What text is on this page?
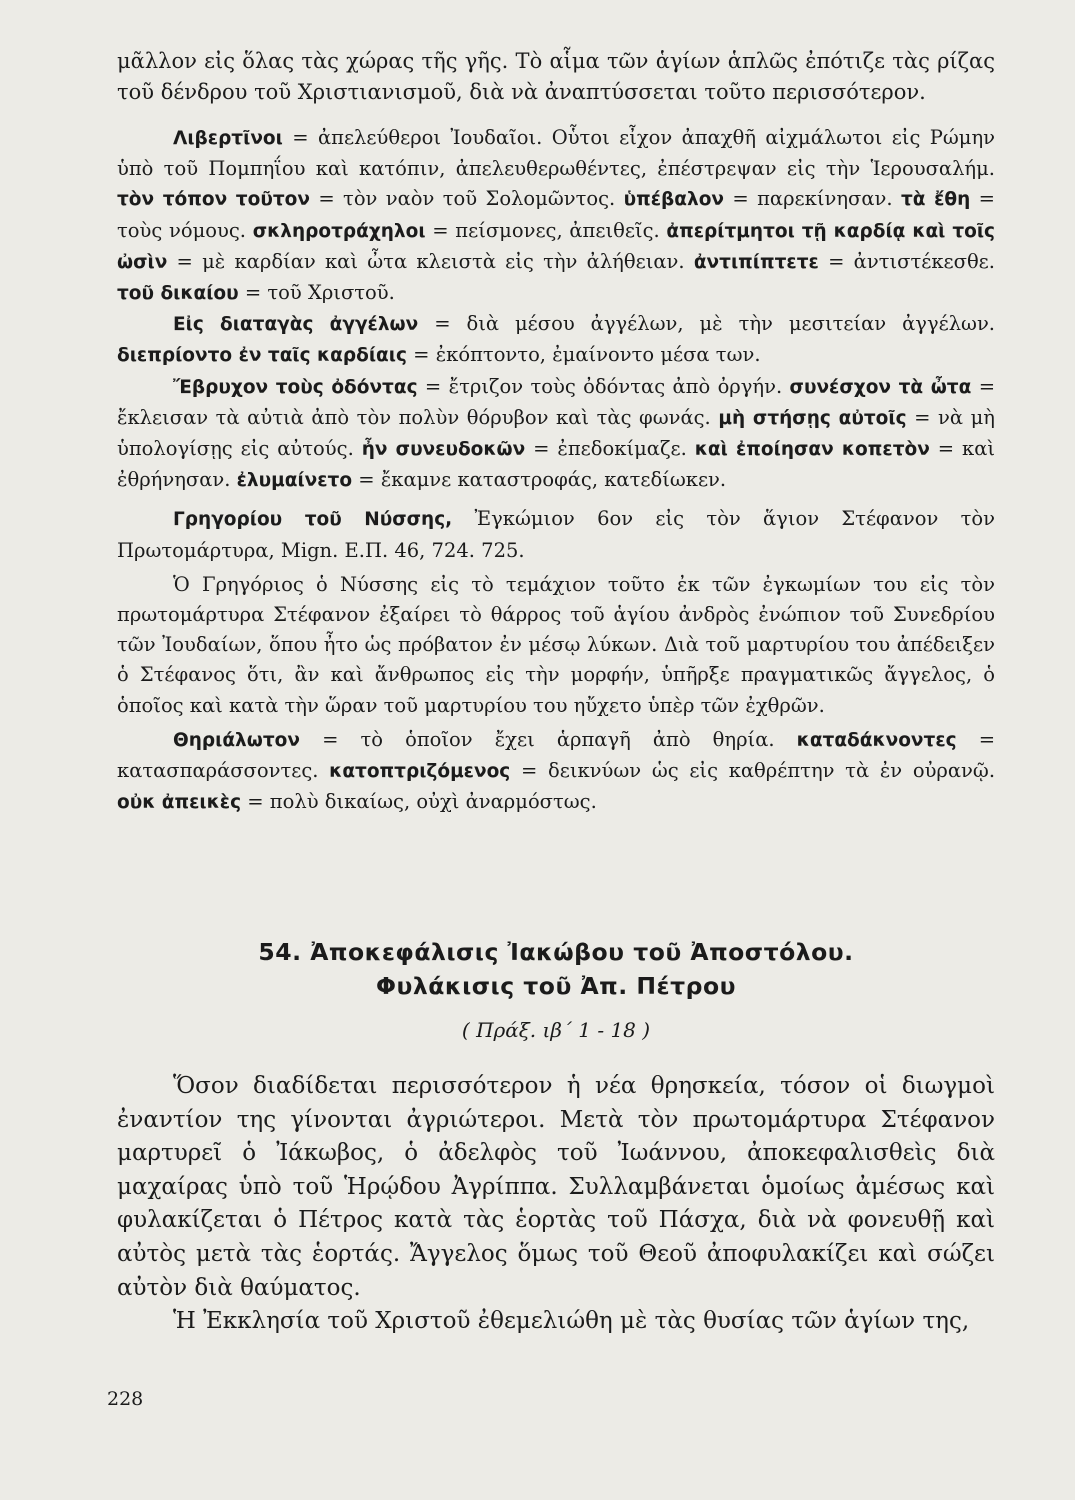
μᾶλλον εἰς ὅλας τὰς χώρας τῆς γῆς. Τὸ αἷμα τῶν ἁγίων ἁπλῶς ἐπότιζε τὰς ρίζας τοῦ δένδρου τοῦ Χριστιανισμοῦ, διὰ νὰ ἀναπτύσσεται τοῦτο περισσότερον.

Λιβερτῖνοι = ἀπελεύθεροι Ἰουδαῖοι. Οὗτοι εἶχον ἀπαχθῆ αἰχμάλωτοι εἰς Ρώμην ὑπὸ τοῦ Πομπηΐου καὶ κατόπιν, ἀπελευθερωθέντες, ἐπέστρεψαν εἰς τὴν Ἱερουσαλήμ. τὸν τόπον τοῦτον = τὸν ναὸν τοῦ Σολομῶντος. ὑπέβαλον = παρεκίνησαν. τὰ ἔθη = τοὺς νόμους. σκληροτράχηλοι = πείσμονες, ἀπειθεῖς. ἀπερίτμητοι τῇ καρδίᾳ καὶ τοῖς ὠσὶν = μὲ καρδίαν καὶ ὦτα κλειστὰ εἰς τὴν ἀλήθειαν. ἀντιπίπτετε = ἀντιστέκεσθε. τοῦ δικαίου = τοῦ Χριστοῦ.

Εἰς διαταγὰς ἀγγέλων = διὰ μέσου ἀγγέλων, μὲ τὴν μεσιτείαν ἀγγέλων. διεπρίοντο ἐν ταῖς καρδίαις = ἐκόπτοντο, ἐμαίνοντο μέσα των.

Ἔβρυχον τοὺς ὀδόντας = ἔτριζον τοὺς ὀδόντας ἀπὸ ὀργήν. συνέσχον τὰ ὦτα = ἔκλεισαν τὰ αὐτιὰ ἀπὸ τὸν πολὺν θόρυβον καὶ τὰς φωνάς. μὴ στήσῃς αὐτοῖς = νὰ μὴ ὑπολογίσῃς εἰς αὐτούς. ἦν συνευδοκῶν = ἐπεδοκίμαζε. καὶ ἐποίησαν κοπετὸν = καὶ ἐθρήνησαν. ἐλυμαίνετο = ἔκαμνε καταστροφάς, κατεδίωκεν.

Γρηγορίου τοῦ Νύσσης, Ἐγκώμιον 6ον εἰς τὸν ἅγιον Στέφανον τὸν Πρωτομάρτυρα, Mign. Ε.Π. 46, 724. 725.

Ὁ Γρηγόριος ὁ Νύσσης εἰς τὸ τεμάχιον τοῦτο ἐκ τῶν ἐγκωμίων του εἰς τὸν πρωτομάρτυρα Στέφανον ἐξαίρει τὸ θάρρος τοῦ ἁγίου ἀνδρὸς ἐνώπιον τοῦ Συνεδρίου τῶν Ἰουδαίων, ὅπου ἦτο ὡς πρόβατον ἐν μέσῳ λύκων. Διὰ τοῦ μαρτυρίου του ἀπέδειξεν ὁ Στέφανος ὅτι, ἂν καὶ ἄνθρωπος εἰς τὴν μορφήν, ὑπῆρξε πραγματικῶς ἄγγελος, ὁ ὁποῖος καὶ κατὰ τὴν ὥραν τοῦ μαρτυρίου του ηὔχετο ὑπὲρ τῶν ἐχθρῶν.

Θηριάλωτον = τὸ ὁποῖον ἔχει ἁρπαγῆ ἀπὸ θηρία. καταδάκνοντες = κατασπαράσσοντες. κατοπτριζόμενος = δεικνύων ὡς εἰς καθρέπτην τὰ ἐν οὐρανῷ. οὐκ ἀπεικὲς = πολὺ δικαίως, οὐχὶ ἀναρμόστως.

54. Ἀποκεφάλισις Ἰακώβου τοῦ Ἀποστόλου.
Φυλάκισις τοῦ Ἀπ. Πέτρου
( Πράξ. ιβ΄ 1 - 18 )

Ὅσον διαδίδεται περισσότερον ἡ νέα θρησκεία, τόσον οἱ διωγμοὶ ἐναντίον της γίνονται ἀγριώτεροι. Μετὰ τὸν πρωτομάρτυρα Στέφανον μαρτυρεῖ ὁ Ἰάκωβος, ὁ ἀδελφὸς τοῦ Ἰωάννου, ἀποκεφαλισθεὶς διὰ μαχαίρας ὑπὸ τοῦ Ἡρῴδου Ἀγρίππα. Συλλαμβάνεται ὁμοίως ἀμέσως καὶ φυλακίζεται ὁ Πέτρος κατὰ τὰς ἑορτὰς τοῦ Πάσχα, διὰ νὰ φονευθῇ καὶ αὐτὸς μετὰ τὰς ἑορτάς. Ἄγγελος ὅμως τοῦ Θεοῦ ἀποφυλακίζει καὶ σώζει αὐτὸν διὰ θαύματος.

Ἡ Ἐκκλησία τοῦ Χριστοῦ ἐθεμελιώθη μὲ τὰς θυσίας τῶν ἁγίων της,

228
